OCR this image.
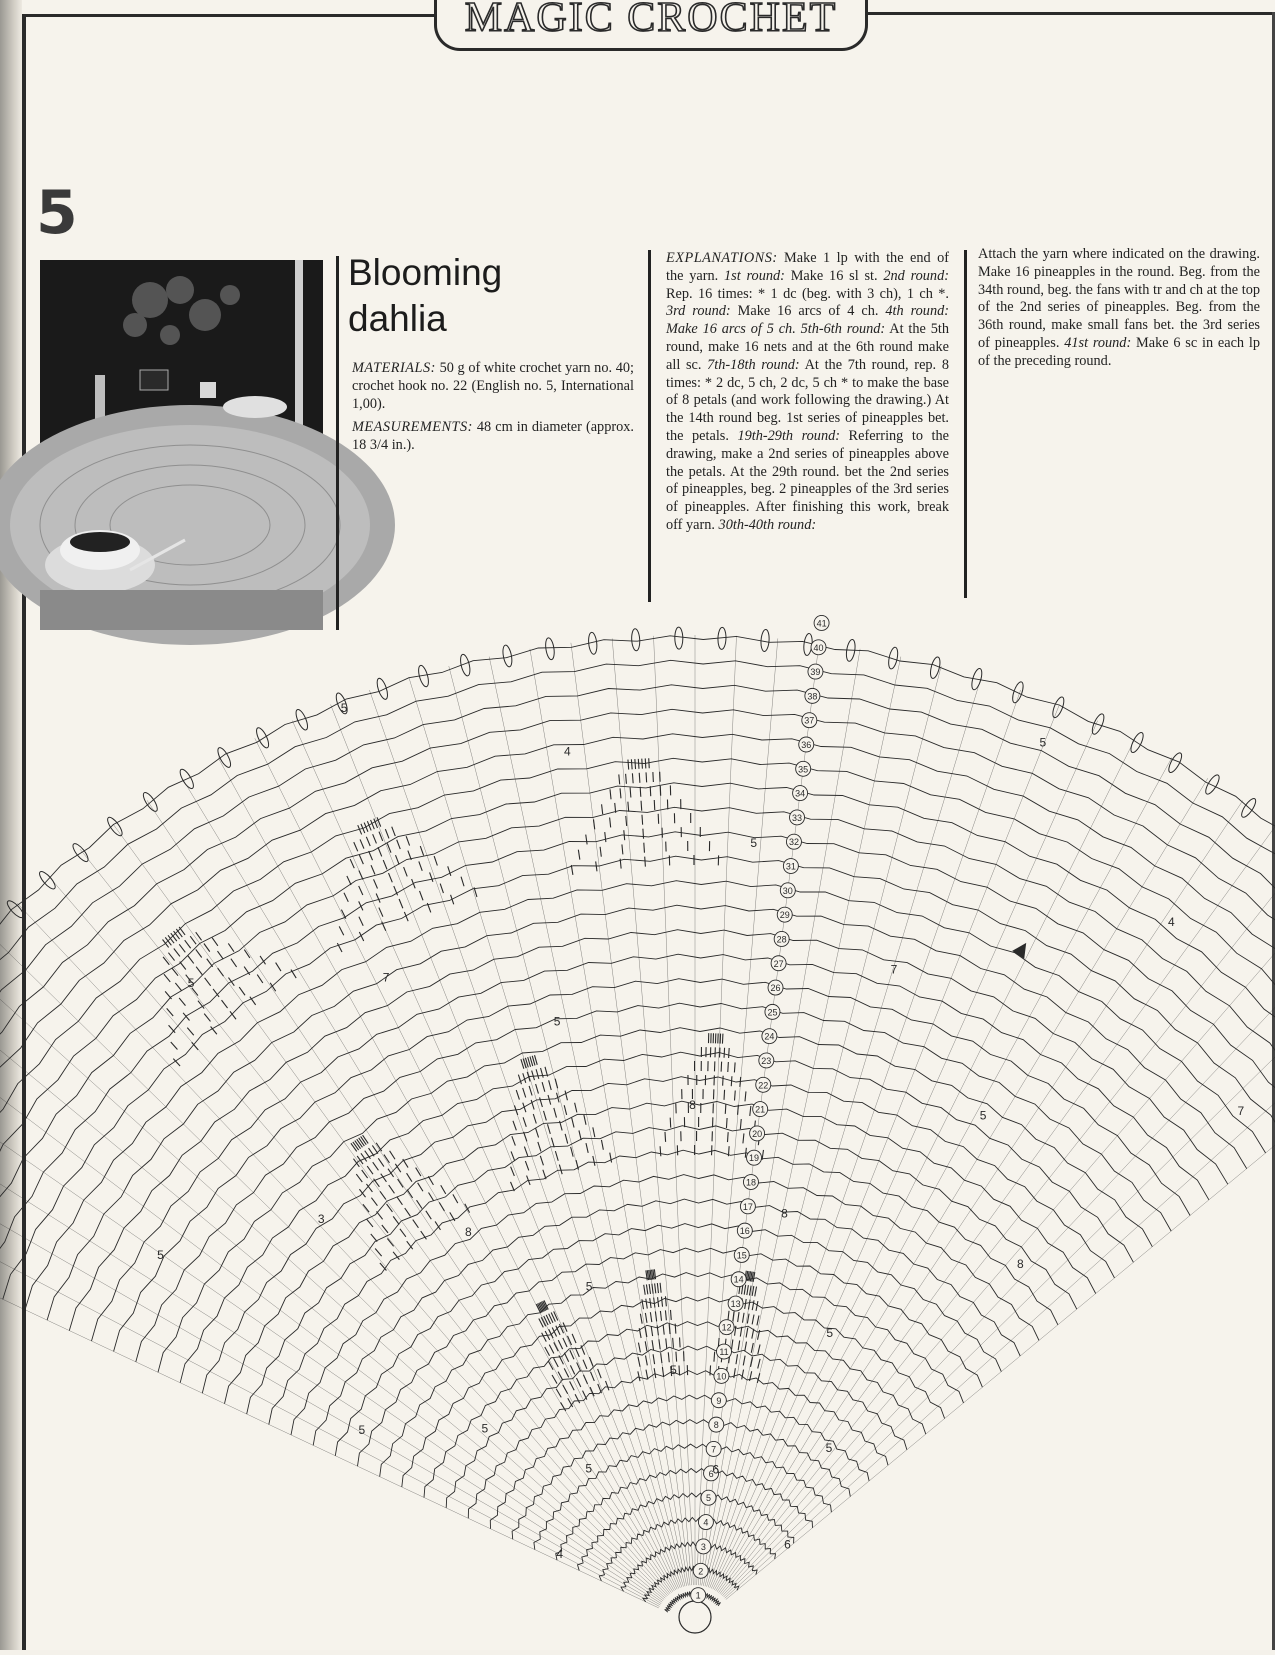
MAGIC CROCHET
5
Blooming
dahlia

MATERIALS: 50 g of white crochet yarn no. 40; crochet hook no. 22 (English no. 5, International 1,00).

MEASUREMENTS: 48 cm in diameter (approx. 18 3/4 in.).

EXPLANATIONS: Make 1 lp with the end of the yarn. 1st round: Make 16 sl st. 2nd round: Rep. 16 times: * 1 dc (beg. with 3 ch), 1 ch *. 3rd round: Make 16 arcs of 4 ch. 4th round: Make 16 arcs of 5 ch. 5th-6th round: At the 5th round, make 16 nets and at the 6th round make all sc. 7th-18th round: At the 7th round, rep. 8 times: * 2 dc, 5 ch, 2 dc, 5 ch * to make the base of 8 petals (and work following the drawing.) At the 14th round beg. 1st series of pineapples bet. the petals. 19th-29th round: Referring to the drawing, make a 2nd series of pineapples above the petals. At the 29th round. bet the 2nd series of pineapples, beg. 2 pineapples of the 3rd series of pineapples. After finishing this work, break off yarn. 30th-40th round:
Attach the yarn where indicated on the drawing. Make 16 pineapples in the round. Beg. from the 34th round, beg. the fans with tr and ch at the top of the 2nd series of pineapples. Beg. from the 36th round, make small fans bet. the 3rd series of pineapples. 41st round: Make 6 sc in each lp of the preceding round.
41
40
39
38
37
36
35
34
33
32
31
30
29
28
27
26
25
24
23
22
21
20
19
18
17
16
15
14
13
12
11
10
9
8
7
6
5
4
3
2
1
6
6
5
5
5
5
5
5
5
8
8
8
8
3
5
5
5
7
7
7
5
5
4
4
5
5
4
